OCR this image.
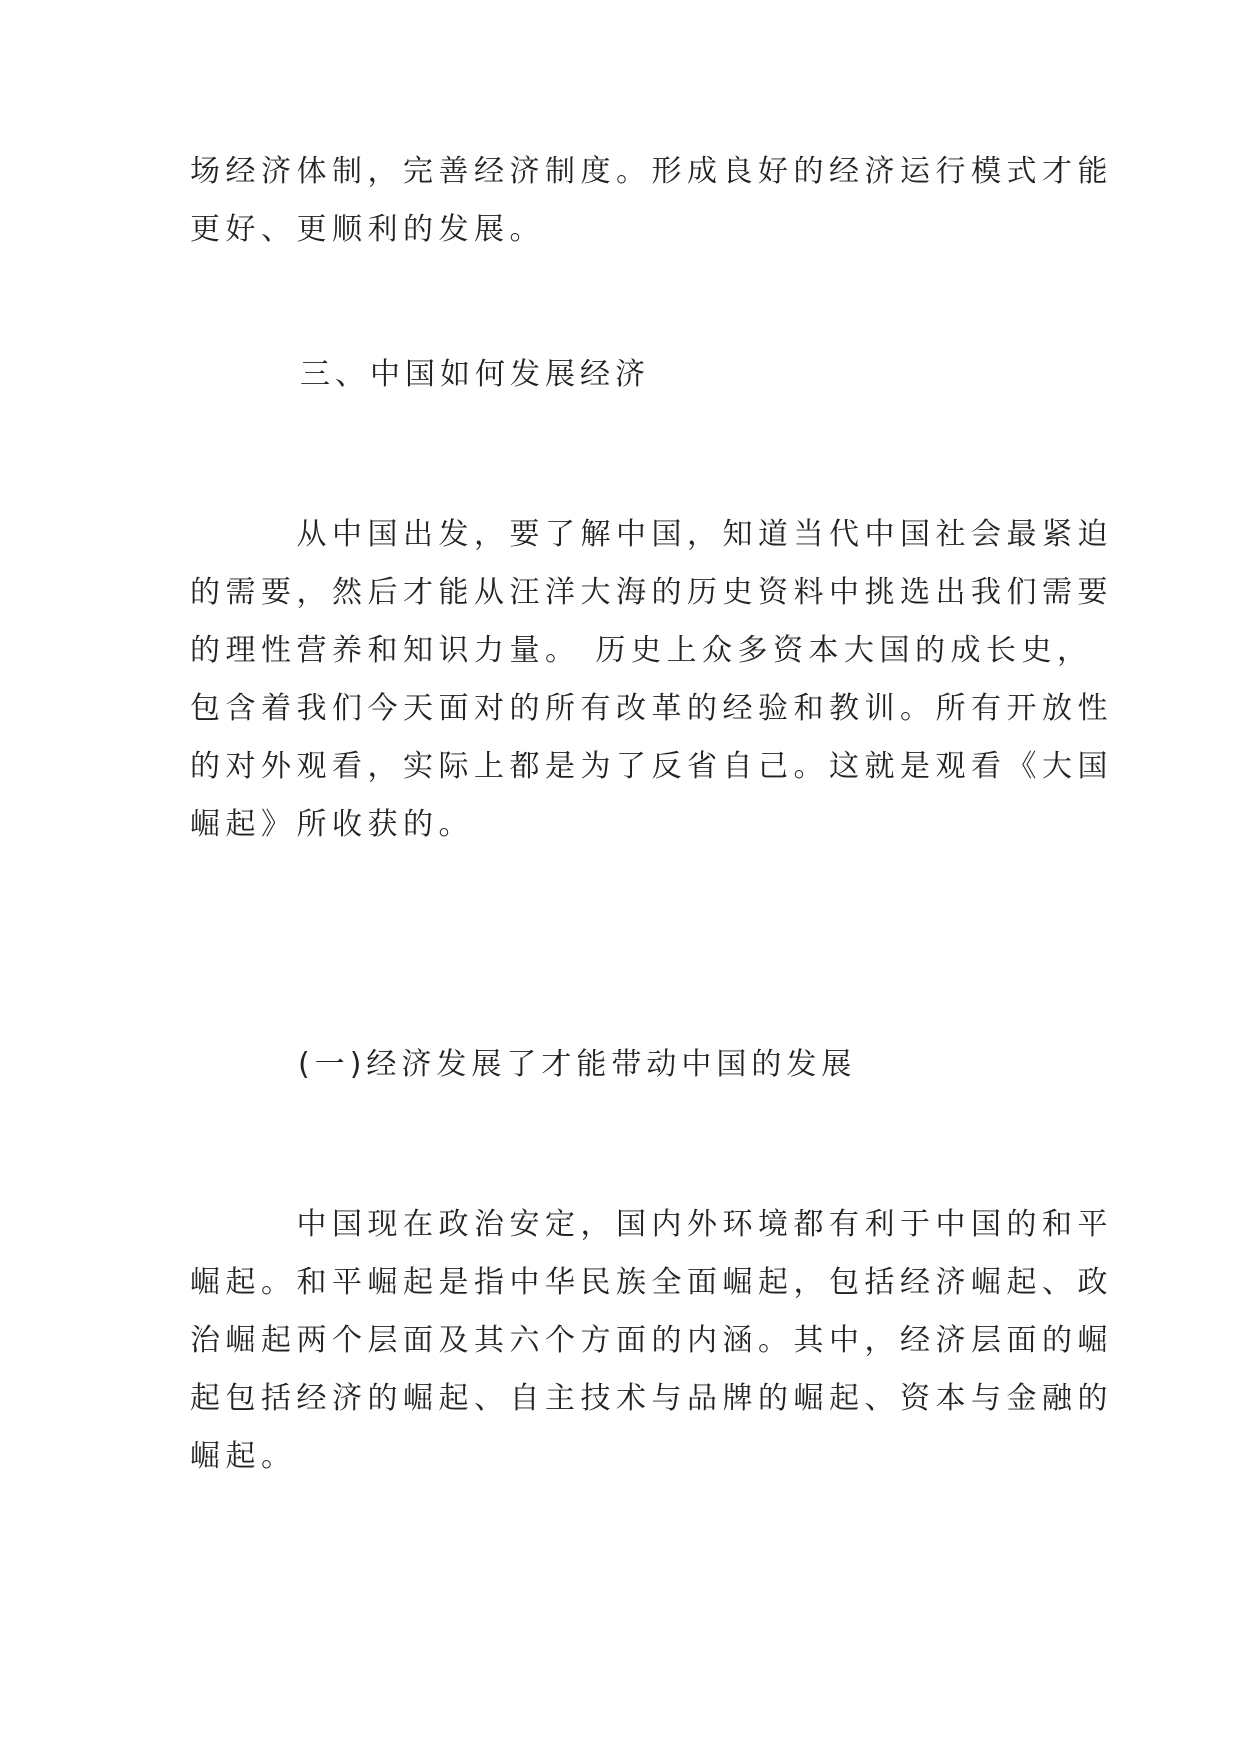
场经济体制，完善经济制度。形成良好的经济运行模式才能
更好、更顺利的发展。
三、中国如何发展经济
　　　从中国出发，要了解中国，知道当代中国社会最紧迫
的需要，然后才能从汪洋大海的历史资料中挑选出我们需要
的理性营养和知识力量。 历史上众多资本大国的成长史，
包含着我们今天面对的所有改革的经验和教训。所有开放性
的对外观看，实际上都是为了反省自己。这就是观看《大国
崛起》所收获的。
(一)经济发展了才能带动中国的发展
　　　中国现在政治安定，国内外环境都有利于中国的和平
崛起。和平崛起是指中华民族全面崛起，包括经济崛起、政
治崛起两个层面及其六个方面的内涵。其中，经济层面的崛
起包括经济的崛起、自主技术与品牌的崛起、资本与金融的
崛起。
